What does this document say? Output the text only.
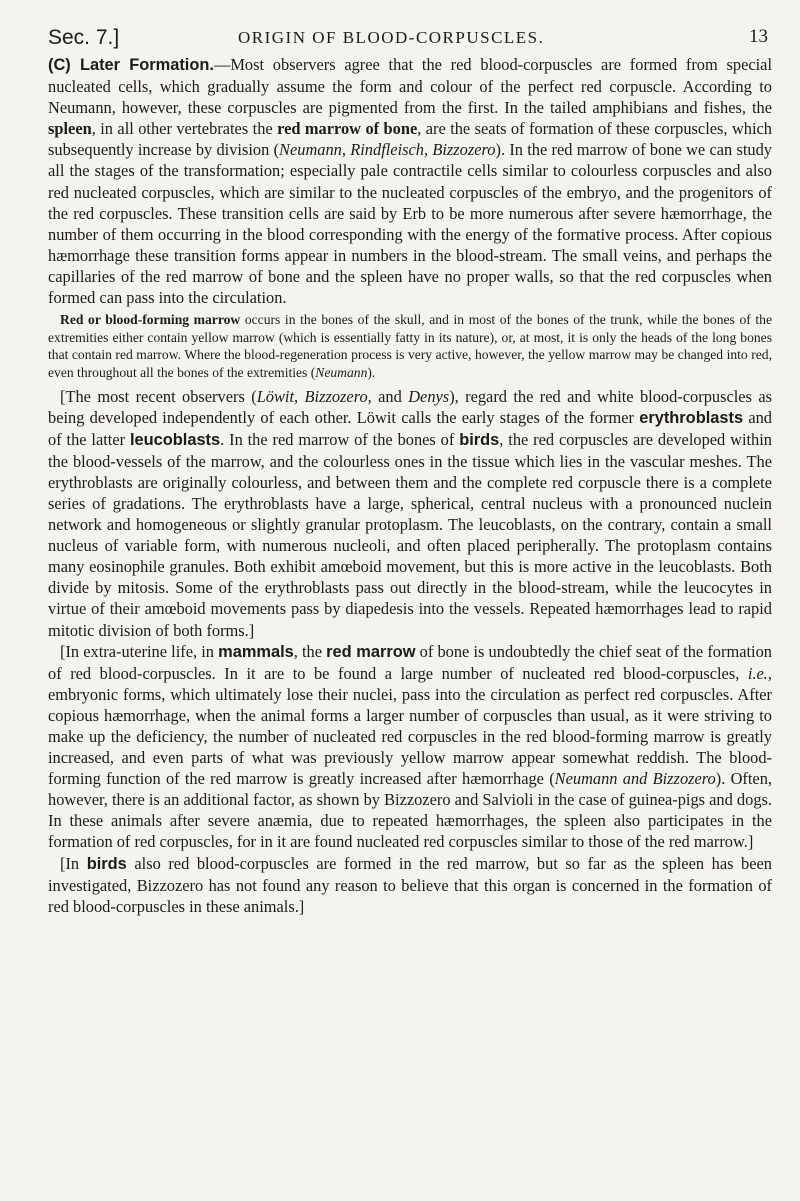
Sec. 7.]	ORIGIN OF BLOOD-CORPUSCLES.	13

(C) Later Formation.—Most observers agree that the red blood-corpuscles are formed from special nucleated cells, which gradually assume the form and colour of the perfect red corpuscle. According to Neumann, however, these corpuscles are pigmented from the first. In the tailed amphibians and fishes, the spleen, in all other vertebrates the red marrow of bone, are the seats of formation of these corpuscles, which subsequently increase by division (Neumann, Rindfleisch, Bizzozero). In the red marrow of bone we can study all the stages of the transformation; especially pale contractile cells similar to colourless corpuscles and also red nucleated corpuscles, which are similar to the nucleated corpuscles of the embryo, and the progenitors of the red corpuscles. These transition cells are said by Erb to be more numerous after severe hæmorrhage, the number of them occurring in the blood corresponding with the energy of the formative process. After copious hæmorrhage these transition forms appear in numbers in the blood-stream. The small veins, and perhaps the capillaries of the red marrow of bone and the spleen have no proper walls, so that the red corpuscles when formed can pass into the circulation.

Red or blood-forming marrow occurs in the bones of the skull, and in most of the bones of the trunk, while the bones of the extremities either contain yellow marrow (which is essentially fatty in its nature), or, at most, it is only the heads of the long bones that contain red marrow. Where the blood-regeneration process is very active, however, the yellow marrow may be changed into red, even throughout all the bones of the extremities (Neumann).

[The most recent observers (Löwit, Bizzozero, and Denys), regard the red and white blood-corpuscles as being developed independently of each other. Löwit calls the early stages of the former erythroblasts and of the latter leucoblasts. In the red marrow of the bones of birds, the red corpuscles are developed within the blood-vessels of the marrow, and the colourless ones in the tissue which lies in the vascular meshes. The erythroblasts are originally colourless, and between them and the complete red corpuscle there is a complete series of gradations. The erythroblasts have a large, spherical, central nucleus with a pronounced nuclein network and homogeneous or slightly granular protoplasm. The leucoblasts, on the contrary, contain a small nucleus of variable form, with numerous nucleoli, and often placed peripherally. The protoplasm contains many eosinophile granules. Both exhibit amœboid movement, but this is more active in the leucoblasts. Both divide by mitosis. Some of the erythroblasts pass out directly in the blood-stream, while the leucocytes in virtue of their amœboid movements pass by diapedesis into the vessels. Repeated hæmorrhages lead to rapid mitotic division of both forms.]

[In extra-uterine life, in mammals, the red marrow of bone is undoubtedly the chief seat of the formation of red blood-corpuscles. In it are to be found a large number of nucleated red blood-corpuscles, i.e., embryonic forms, which ultimately lose their nuclei, pass into the circulation as perfect red corpuscles. After copious hæmorrhage, when the animal forms a larger number of corpuscles than usual, as it were striving to make up the deficiency, the number of nucleated red corpuscles in the red blood-forming marrow is greatly increased, and even parts of what was previously yellow marrow appear somewhat reddish. The blood-forming function of the red marrow is greatly increased after hæmorrhage (Neumann and Bizzozero). Often, however, there is an additional factor, as shown by Bizzozero and Salvioli in the case of guinea-pigs and dogs. In these animals after severe anæmia, due to repeated hæmorrhages, the spleen also participates in the formation of red corpuscles, for in it are found nucleated red corpuscles similar to those of the red marrow.]

[In birds also red blood-corpuscles are formed in the red marrow, but so far as the spleen has been investigated, Bizzozero has not found any reason to believe that this organ is concerned in the formation of red blood-corpuscles in these animals.]
